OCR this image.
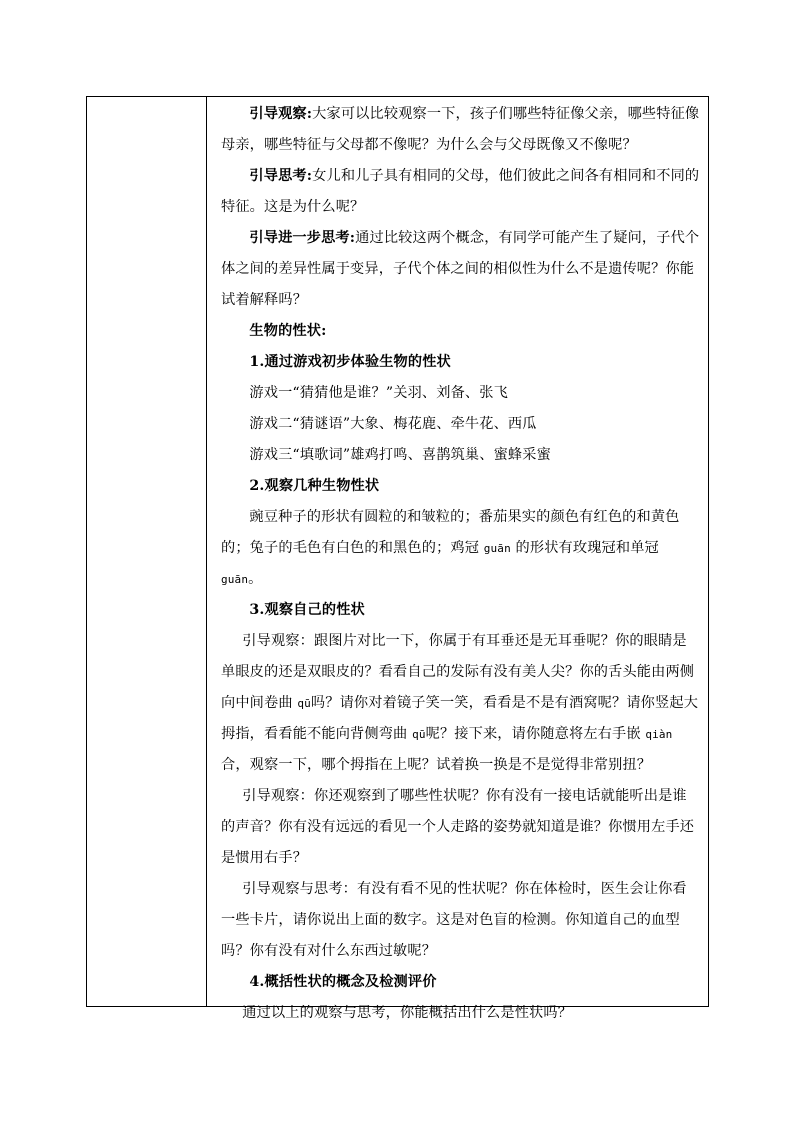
引导观察:大家可以比较观察一下，孩子们哪些特征像父亲，哪些特征像母亲，哪些特征与父母都不像呢？为什么会与父母既像又不像呢？

引导思考:女儿和儿子具有相同的父母，他们彼此之间各有相同和不同的特征。这是为什么呢？

引导进一步思考:通过比较这两个概念，有同学可能产生了疑问，子代个体之间的差异性属于变异，子代个体之间的相似性为什么不是遗传呢？你能试着解释吗？

生物的性状:

1.通过游戏初步体验生物的性状

游戏一“猜猜他是谁？”关羽、刘备、张飞

游戏二“猜谜语”大象、梅花鹿、牵牛花、西瓜

游戏三“填歌词”雄鸡打鸣、喜鹊筑巢、蜜蜂采蜜

2.观察几种生物性状

豌豆种子的形状有圆粒的和皱粒的；番茄果实的颜色有红色的和黄色的；兔子的毛色有白色的和黑色的；鸡冠 guān 的形状有玫瑰冠和单冠 guān。

3.观察自己的性状

引导观察：跟图片对比一下，你属于有耳垂还是无耳垂呢？你的眼睛是单眼皮的还是双眼皮的？看看自己的发际有没有美人尖？你的舌头能由两侧向中间卷曲 qū吗？请你对着镜子笑一笑，看看是不是有酒窝呢？请你竖起大拇指，看看能不能向背侧弯曲 qū呢？接下来，请你随意将左右手嵌 qiàn 合，观察一下，哪个拇指在上呢？试着换一换是不是觉得非常别扭？

引导观察：你还观察到了哪些性状呢？你有没有一接电话就能听出是谁的声音？你有没有远远的看见一个人走路的姿势就知道是谁？你惯用左手还是惯用右手？

引导观察与思考：有没有看不见的性状呢？你在体检时，医生会让你看一些卡片，请你说出上面的数字。这是对色盲的检测。你知道自己的血型吗？你有没有对什么东西过敏呢？

4.概括性状的概念及检测评价

通过以上的观察与思考，你能概括出什么是性状吗？
